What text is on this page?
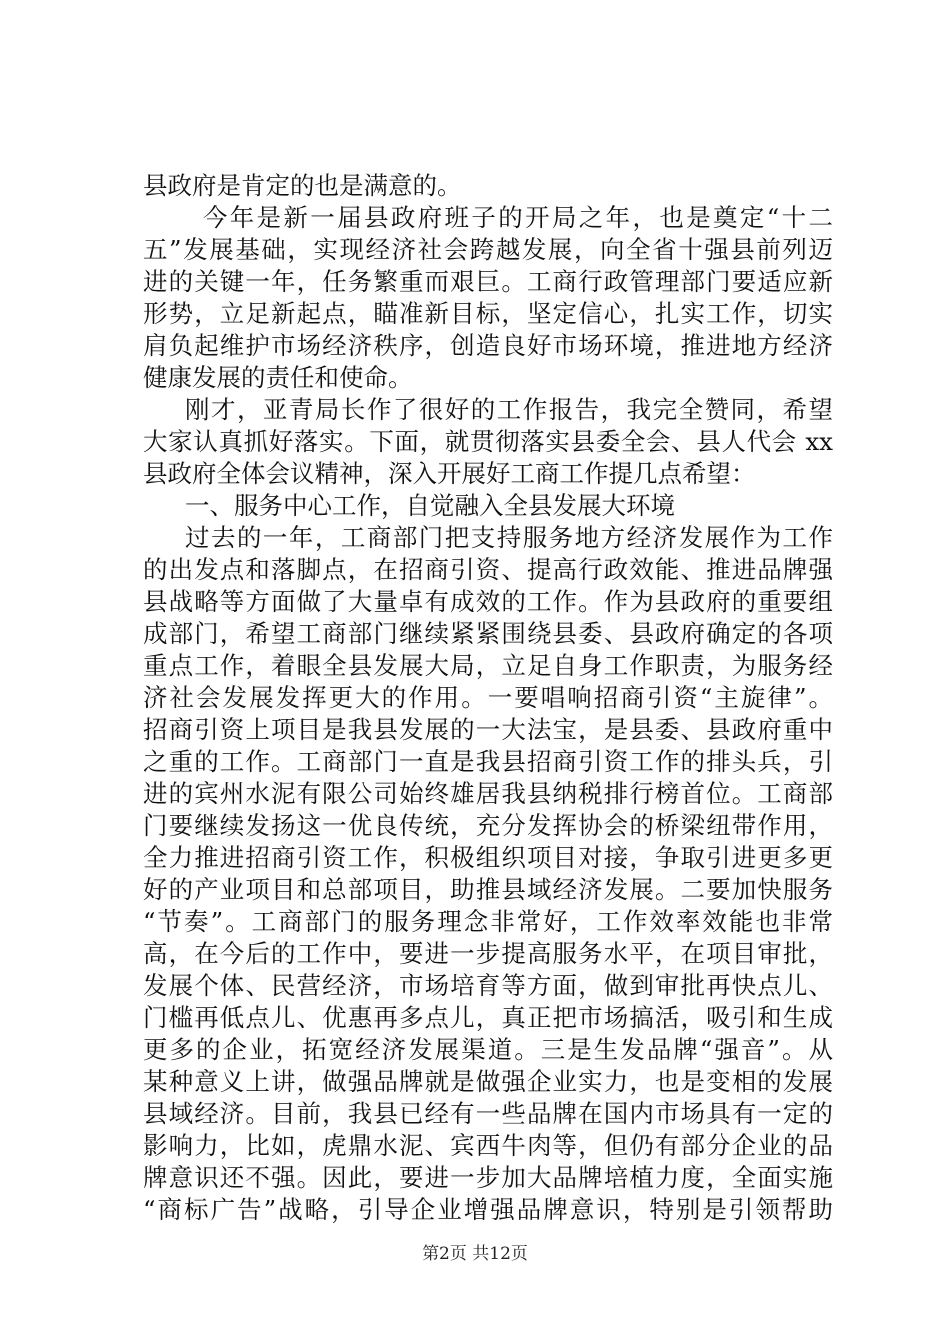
县政府是肯定的也是满意的。
　今年是新一届县政府班子的开局之年，也是奠定“十二
五”发展基础，实现经济社会跨越发展，向全省十强县前列迈
进的关键一年，任务繁重而艰巨。工商行政管理部门要适应新
形势，立足新起点，瞄准新目标，坚定信心，扎实工作，切实
肩负起维护市场经济秩序，创造良好市场环境，推进地方经济
健康发展的责任和使命。
刚才，亚青局长作了很好的工作报告，我完全赞同，希望
大家认真抓好落实。下面，就贯彻落实县委全会、县人代会 xx
县政府全体会议精神，深入开展好工商工作提几点希望：
一、服务中心工作，自觉融入全县发展大环境
过去的一年，工商部门把支持服务地方经济发展作为工作
的出发点和落脚点，在招商引资、提高行政效能、推进品牌强
县战略等方面做了大量卓有成效的工作。作为县政府的重要组
成部门，希望工商部门继续紧紧围绕县委、县政府确定的各项
重点工作，着眼全县发展大局，立足自身工作职责，为服务经
济社会发展发挥更大的作用。一要唱响招商引资“主旋律”。
招商引资上项目是我县发展的一大法宝，是县委、县政府重中
之重的工作。工商部门一直是我县招商引资工作的排头兵，引
进的宾州水泥有限公司始终雄居我县纳税排行榜首位。工商部
门要继续发扬这一优良传统，充分发挥协会的桥梁纽带作用，
全力推进招商引资工作，积极组织项目对接，争取引进更多更
好的产业项目和总部项目，助推县域经济发展。二要加快服务
“节奏”。工商部门的服务理念非常好，工作效率效能也非常
高，在今后的工作中，要进一步提高服务水平，在项目审批，
发展个体、民营经济，市场培育等方面，做到审批再快点儿、
门槛再低点儿、优惠再多点儿，真正把市场搞活，吸引和生成
更多的企业，拓宽经济发展渠道。三是生发品牌“强音”。从
某种意义上讲，做强品牌就是做强企业实力，也是变相的发展
县域经济。目前，我县已经有一些品牌在国内市场具有一定的
影响力，比如，虎鼎水泥、宾西牛肉等，但仍有部分企业的品
牌意识还不强。因此，要进一步加大品牌培植力度，全面实施
“商标广告”战略，引导企业增强品牌意识，特别是引领帮助
第2页 共12页
